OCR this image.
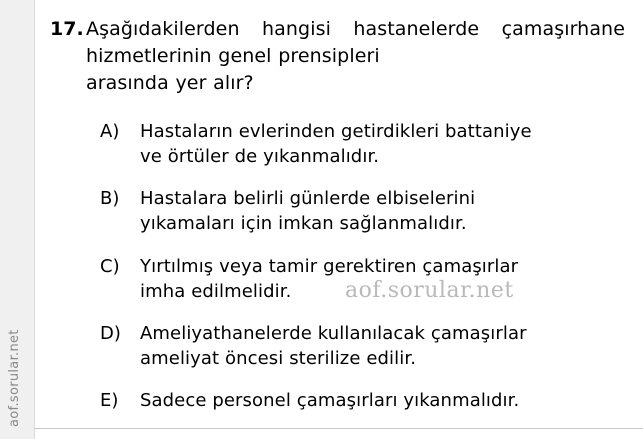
aof.sorular.net
17. Aşağıdakilerden hangisi hastanelerde çamaşırhane hizmetlerinin genel prensipleri
arasında yer alır?
A)	Hastaların evlerinden getirdikleri battaniye
ve örtüler de yıkanmalıdır.
B)	Hastalara belirli günlerde elbiselerini
yıkamaları için imkan sağlanmalıdır.
C)	Yırtılmış veya tamir gerektiren çamaşırlar
imha edilmelidir.
D)	Ameliyathanelerde kullanılacak çamaşırlar
ameliyat öncesi sterilize edilir.
E)	Sadece personel çamaşırları yıkanmalıdır.
aof.sorular.net
